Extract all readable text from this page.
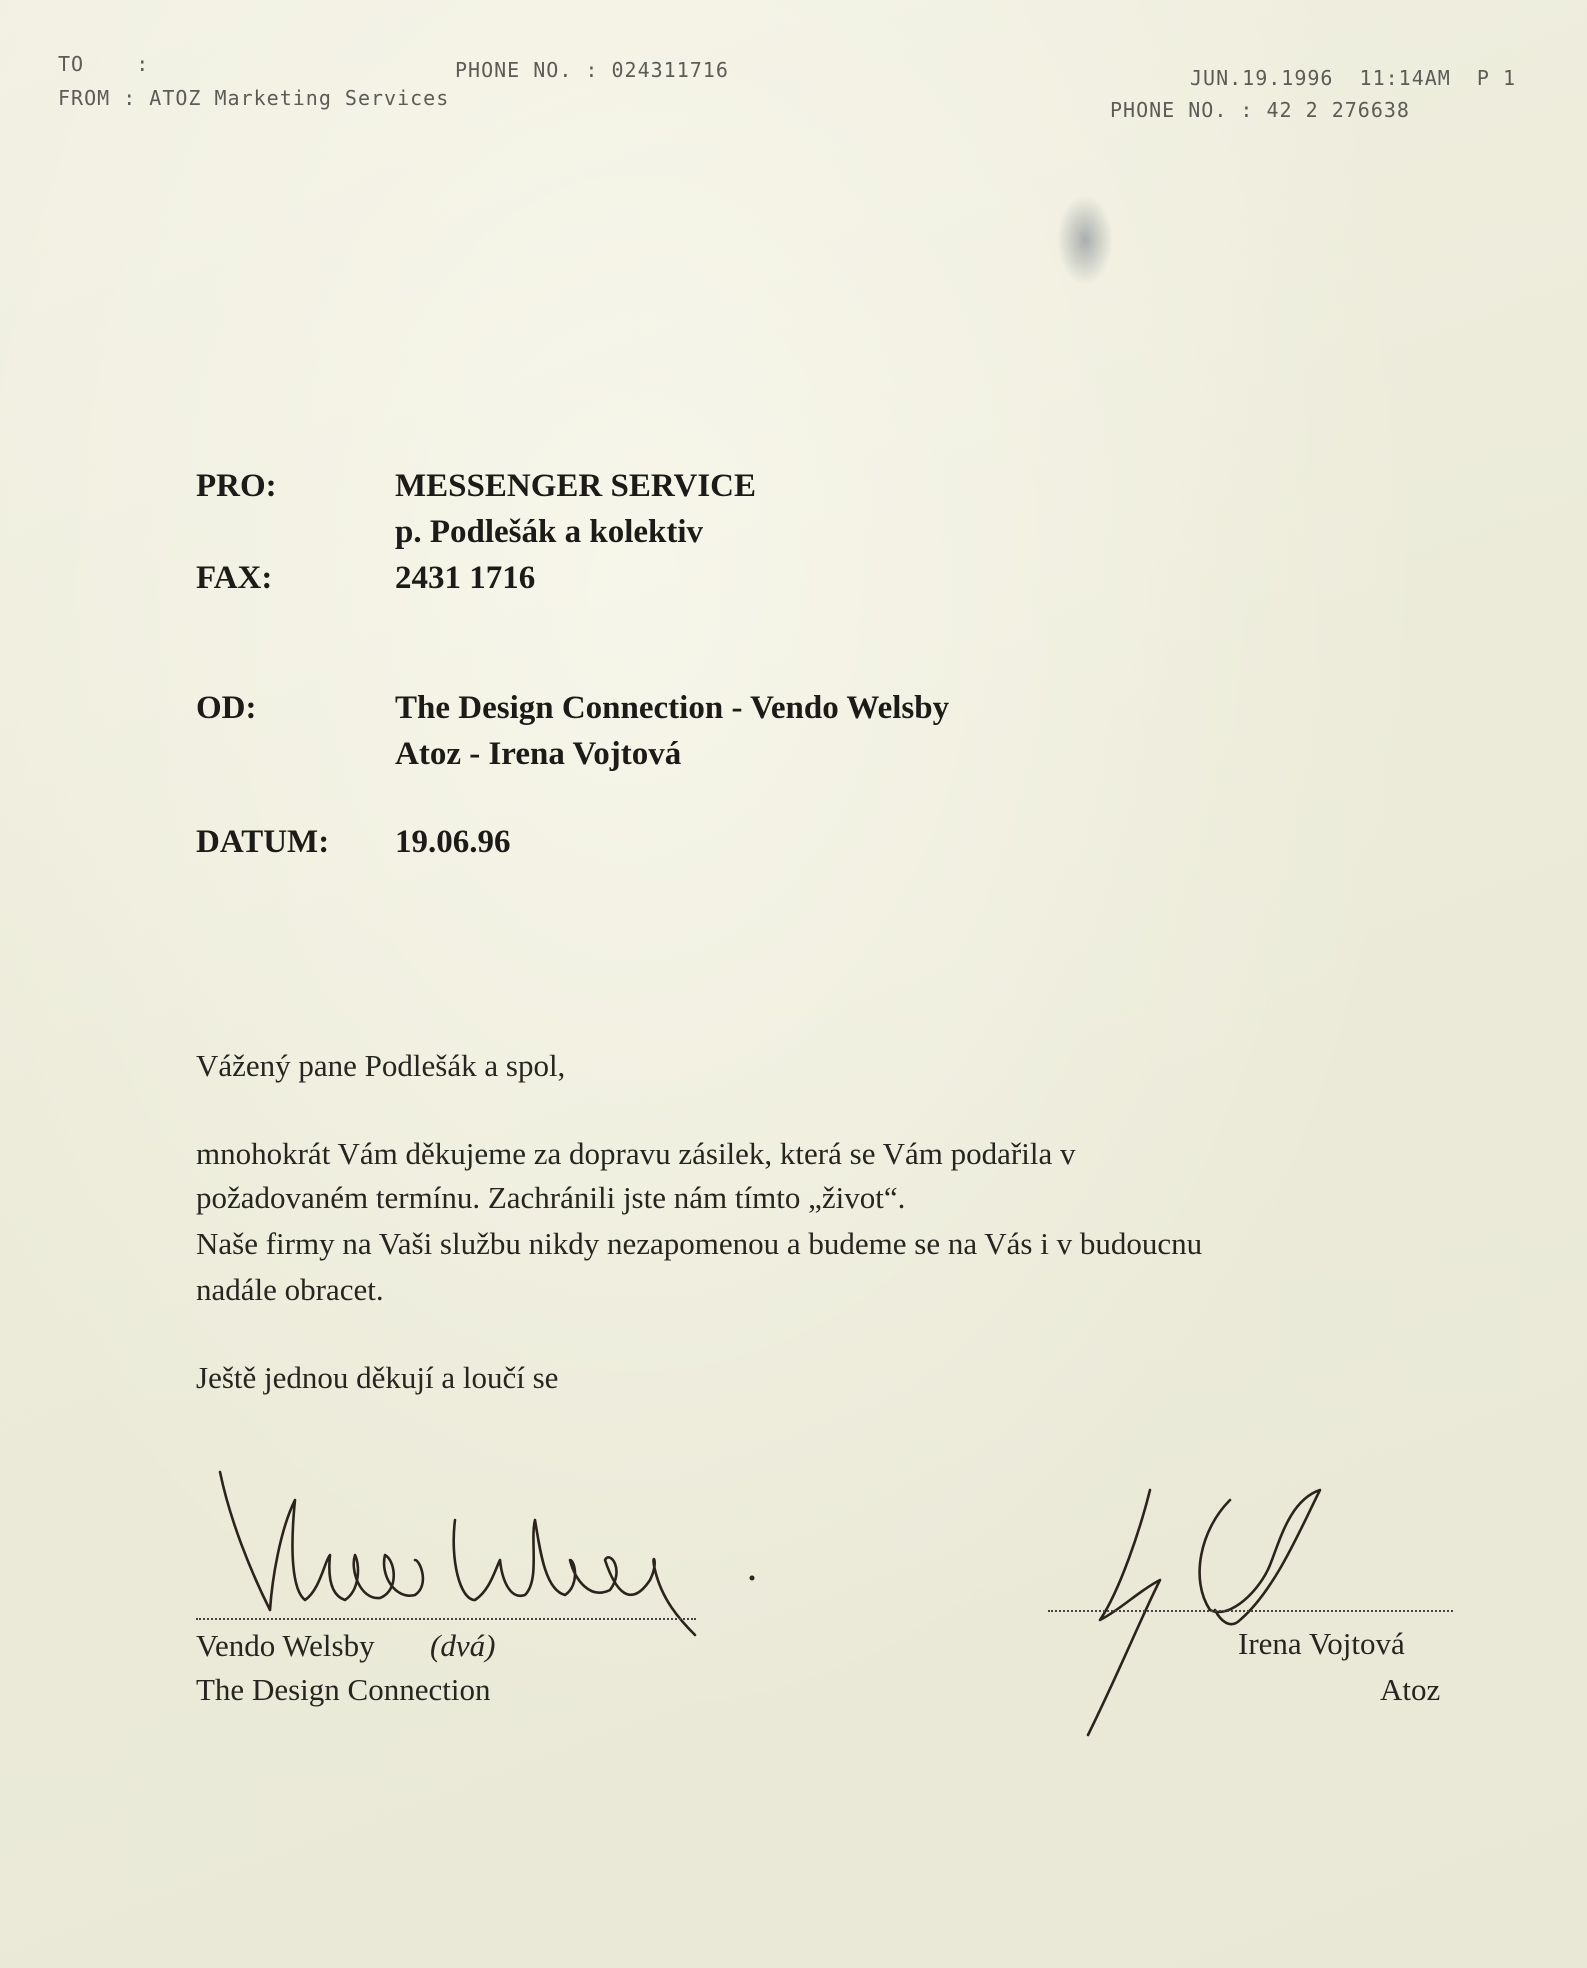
TO    :
FROM : ATOZ Marketing Services
PHONE NO. : 024311716	JUN.19.1996  11:14AM  P 1
PHONE NO. : 42 2 276638
PRO:	MESSENGER SERVICE
p. Podlešák a kolektiv
FAX:	2431 1716
OD:	The Design Connection - Vendo Welsby
Atoz - Irena Vojtová
DATUM: 19.06.96
Vážený pane Podlešák a spol,
mnohokrát Vám děkujeme za dopravu zásilek, která se Vám podařila v
požadovaném termínu. Zachránili jste nám tímto „život“.
Naše firmy na Vaši službu nikdy nezapomenou a budeme se na Vás i v budoucnu
nadále obracet.
Ještě jednou děkují a loučí se
Vendo Welsby (dvá)
The Design Connection
Irena Vojtová
Atoz
